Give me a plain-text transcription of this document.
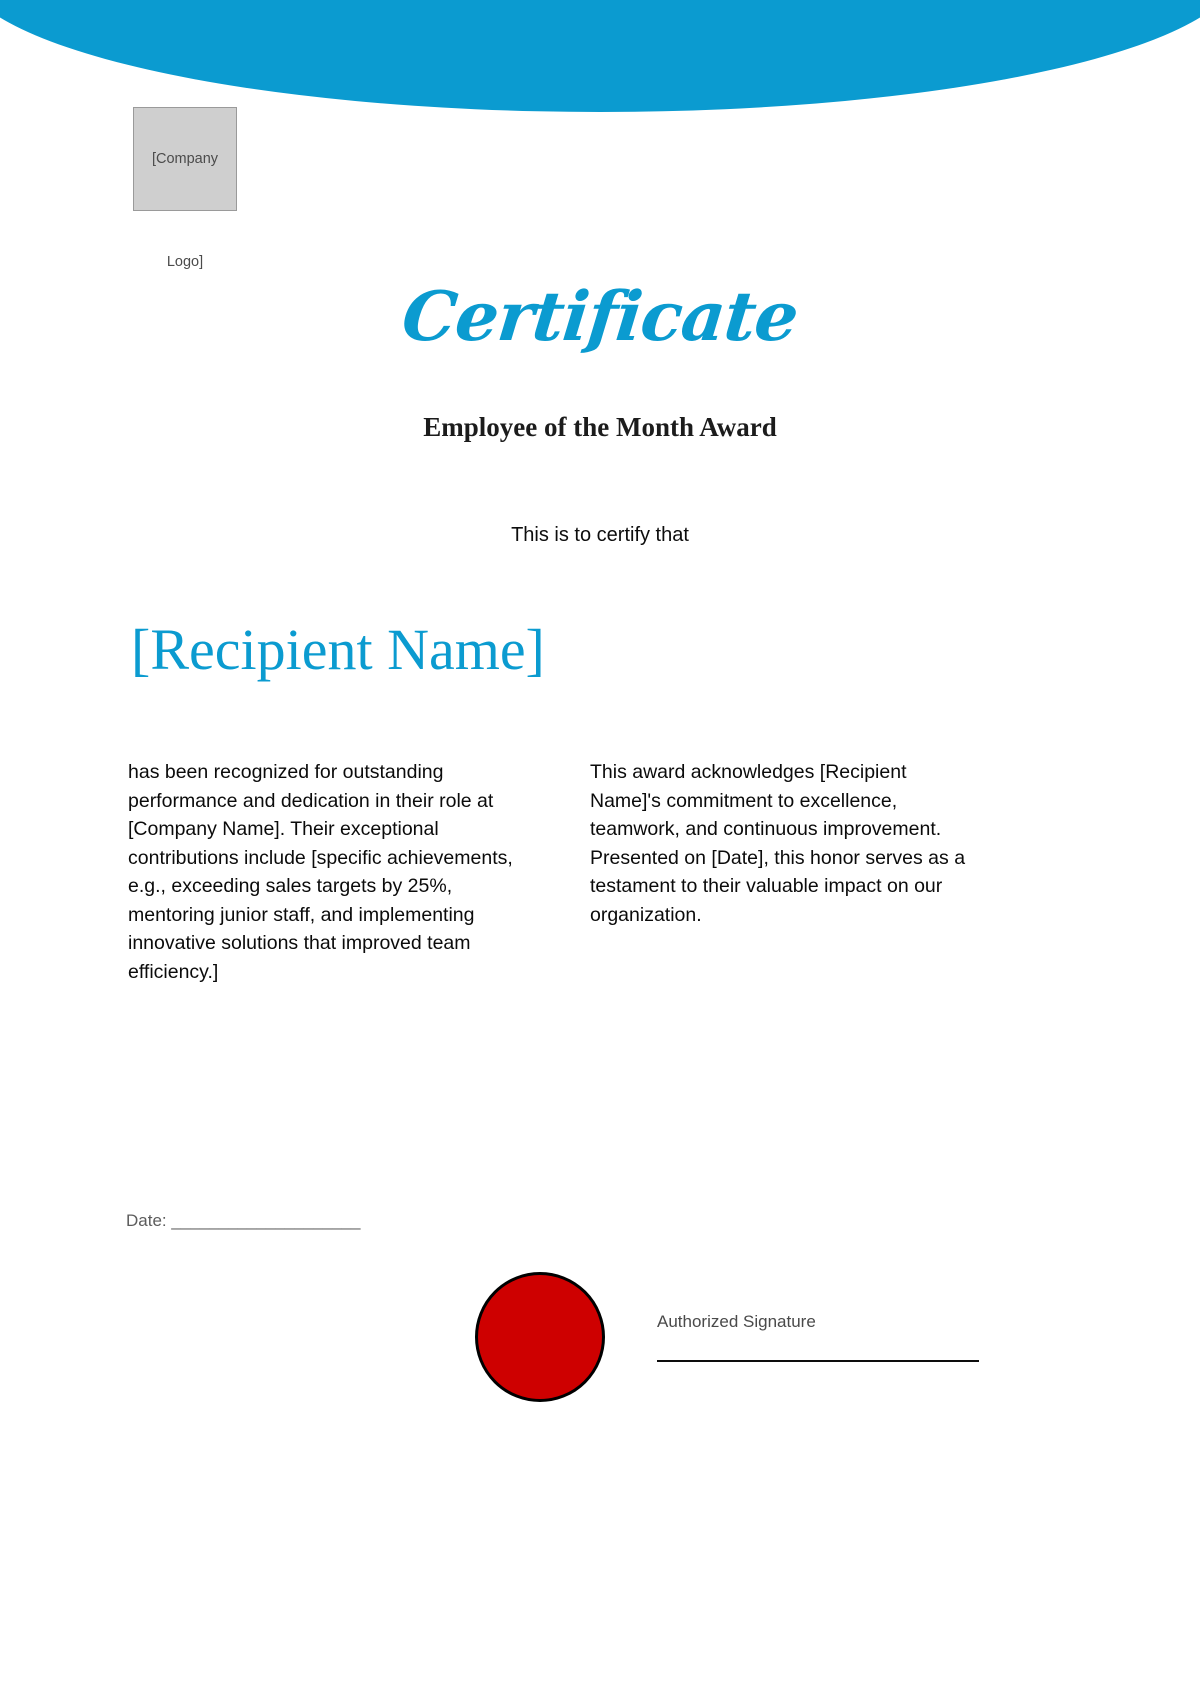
[Company
Logo]
Certificate
Employee of the Month Award
This is to certify that
[Recipient Name]
has been recognized for outstanding performance and dedication in their role at [Company Name]. Their exceptional contributions include [specific achievements, e.g., exceeding sales targets by 25%, mentoring junior staff, and implementing innovative solutions that improved team efficiency.]
This award acknowledges [Recipient Name]'s commitment to excellence, teamwork, and continuous improvement. Presented on [Date], this honor serves as a testament to their valuable impact on our organization.
Date: ____________________
Authorized Signature
